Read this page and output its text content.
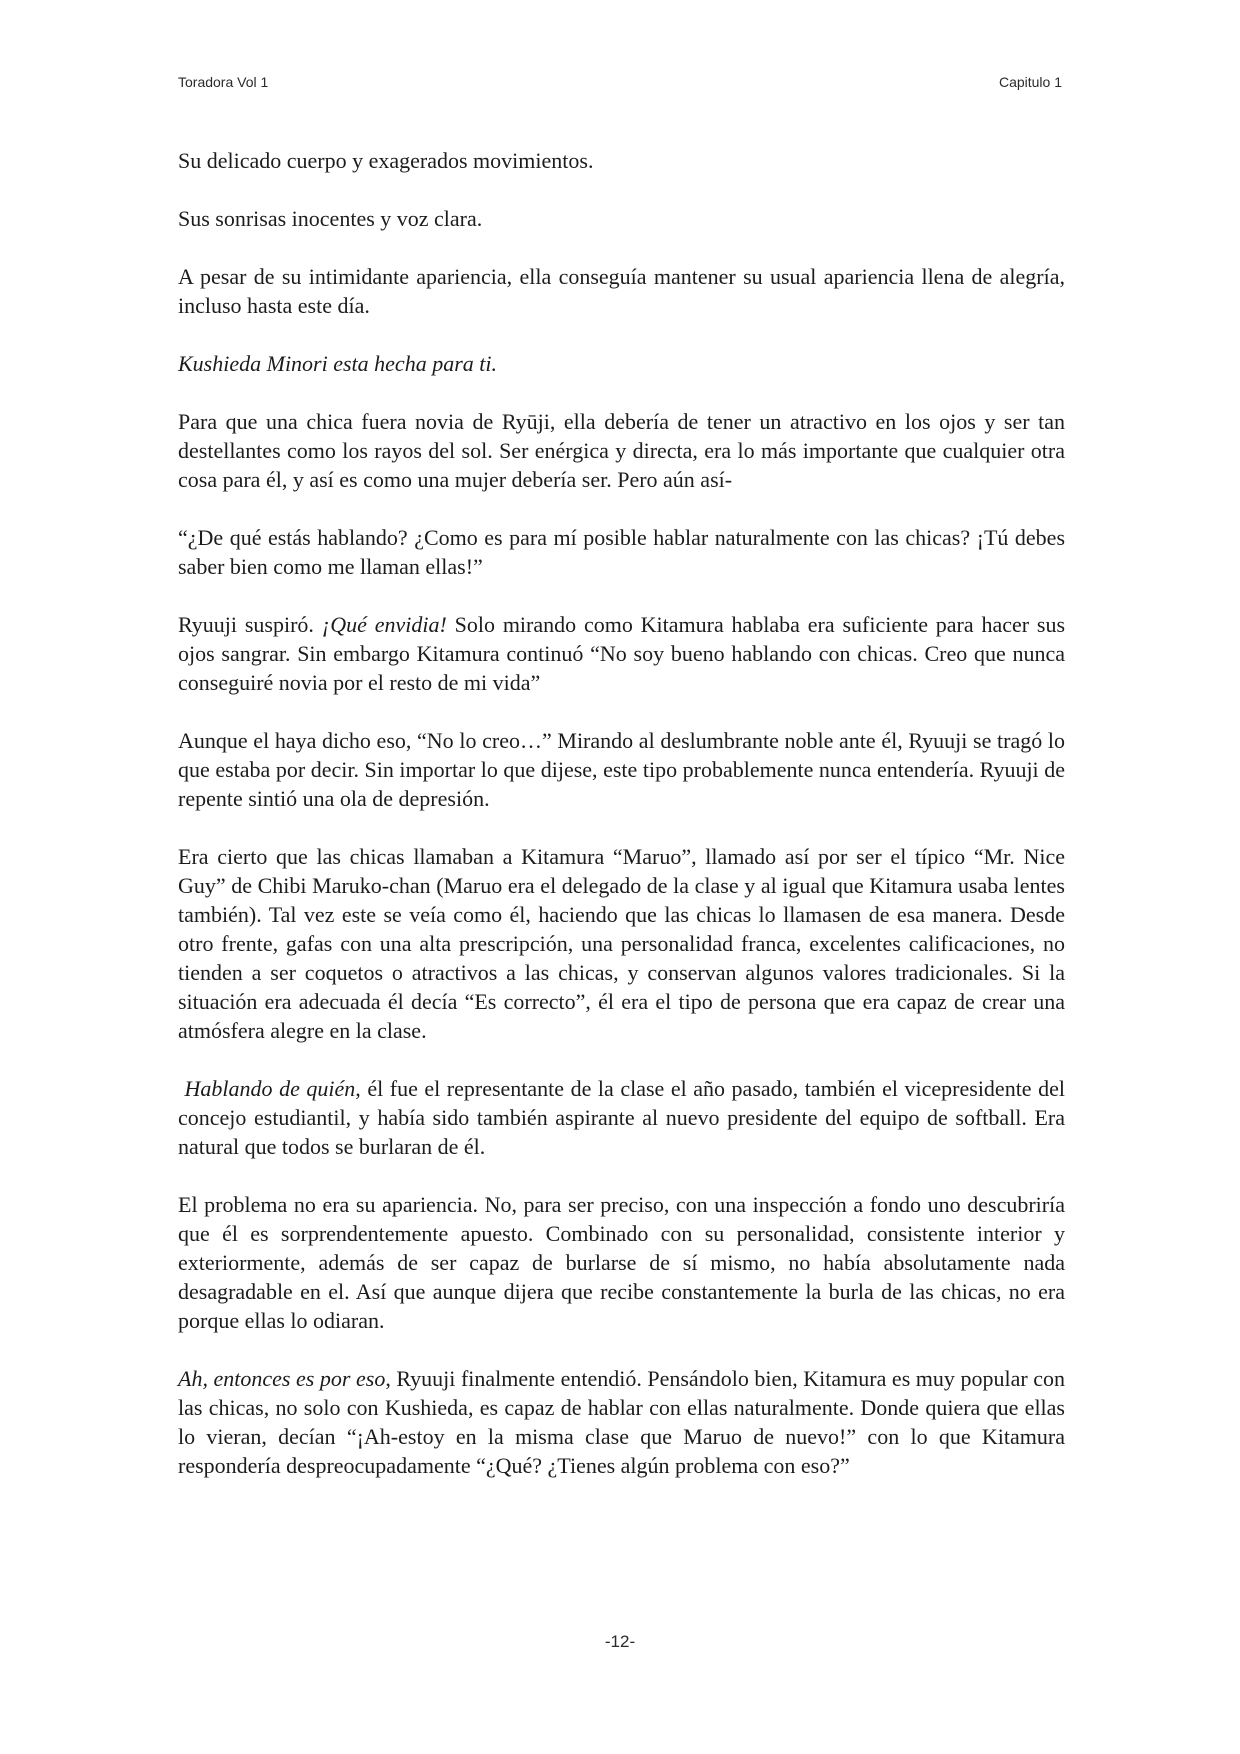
Toradora Vol 1	Capitulo 1

Su delicado cuerpo y exagerados movimientos.

Sus sonrisas inocentes y voz clara.

A pesar de su intimidante apariencia, ella conseguía mantener su usual apariencia llena de alegría, incluso hasta este día.

Kushieda Minori esta hecha para ti.

Para que una chica fuera novia de Ryūji, ella debería de tener un atractivo en los ojos y ser tan destellantes como los rayos del sol. Ser enérgica y directa, era lo más importante que cualquier otra cosa para él, y así es como una mujer debería ser. Pero aún así-

“¿De qué estás hablando? ¿Como es para mí posible hablar naturalmente con las chicas? ¡Tú debes saber bien como me llaman ellas!”

Ryuuji suspiró. ¡Qué envidia! Solo mirando como Kitamura hablaba era suficiente para hacer sus ojos sangrar. Sin embargo Kitamura continuó “No soy bueno hablando con chicas. Creo que nunca conseguiré novia por el resto de mi vida”

Aunque el haya dicho eso, “No lo creo…” Mirando al deslumbrante noble ante él, Ryuuji se tragó lo que estaba por decir. Sin importar lo que dijese, este tipo probablemente nunca entendería. Ryuuji de repente sintió una ola de depresión.

Era cierto que las chicas llamaban a Kitamura “Maruo”, llamado así por ser el típico “Mr. Nice Guy” de Chibi Maruko-chan (Maruo era el delegado de la clase y al igual que Kitamura usaba lentes también). Tal vez este se veía como él, haciendo que las chicas lo llamasen de esa manera. Desde otro frente, gafas con una alta prescripción, una personalidad franca, excelentes calificaciones, no tienden a ser coquetos o atractivos a las chicas, y conservan algunos valores tradicionales. Si la situación era adecuada él decía “Es correcto”, él era el tipo de persona que era capaz de crear una atmósfera alegre en la clase.

Hablando de quién, él fue el representante de la clase el año pasado, también el vicepresidente del concejo estudiantil, y había sido también aspirante al nuevo presidente del equipo de softball. Era natural que todos se burlaran de él.

El problema no era su apariencia. No, para ser preciso, con una inspección a fondo uno descubriría que él es sorprendentemente apuesto. Combinado con su personalidad, consistente interior y exteriormente, además de ser capaz de burlarse de sí mismo, no había absolutamente nada desagradable en el. Así que aunque dijera que recibe constantemente la burla de las chicas, no era porque ellas lo odiaran.

Ah, entonces es por eso, Ryuuji finalmente entendió. Pensándolo bien, Kitamura es muy popular con las chicas, no solo con Kushieda, es capaz de hablar con ellas naturalmente. Donde quiera que ellas lo vieran, decían “¡Ah-estoy en la misma clase que Maruo de nuevo!” con lo que Kitamura respondería despreocupadamente “¿Qué? ¿Tienes algún problema con eso?”

-12-
